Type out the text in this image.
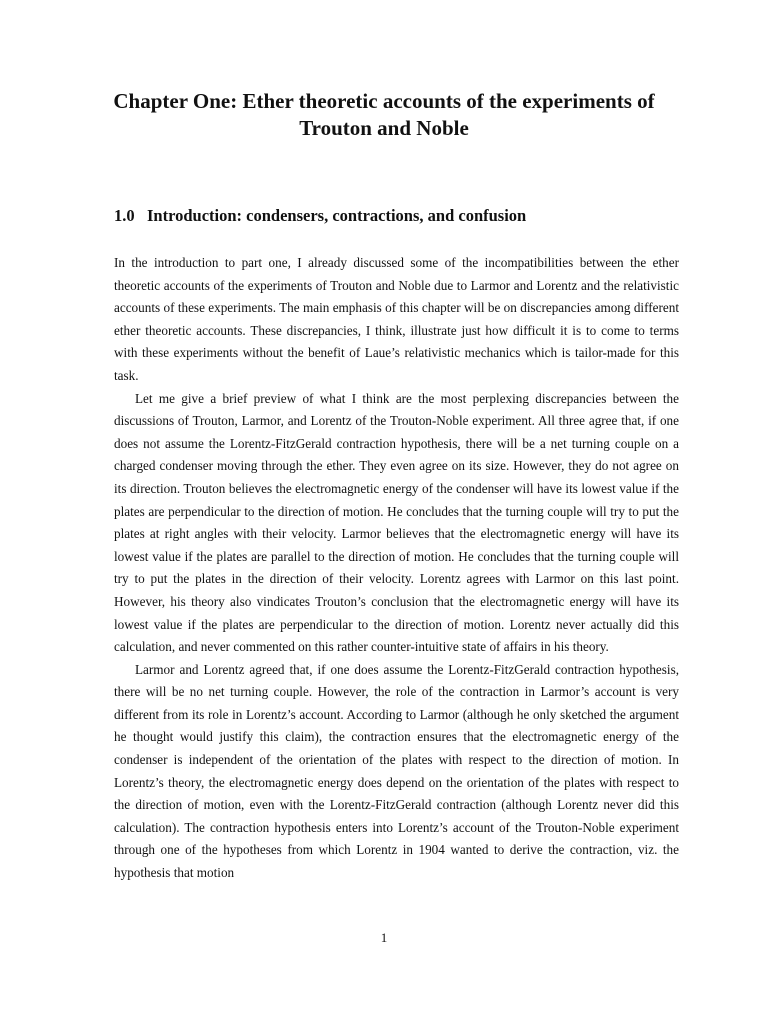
Chapter One: Ether theoretic accounts of the experiments of Trouton and Noble
1.0 Introduction: condensers, contractions, and confusion

In the introduction to part one, I already discussed some of the incompatibilities between the ether theoretic accounts of the experiments of Trouton and Noble due to Larmor and Lorentz and the relativistic accounts of these experiments. The main emphasis of this chapter will be on discrepancies among different ether theoretic accounts. These discrepancies, I think, illustrate just how difficult it is to come to terms with these experiments without the benefit of Laue’s relativistic mechanics which is tailor-made for this task.

Let me give a brief preview of what I think are the most perplexing discrepancies between the discussions of Trouton, Larmor, and Lorentz of the Trouton-Noble experiment. All three agree that, if one does not assume the Lorentz-FitzGerald contraction hypothesis, there will be a net turning couple on a charged condenser moving through the ether. They even agree on its size. However, they do not agree on its direction. Trouton believes the electromagnetic energy of the condenser will have its lowest value if the plates are perpendicular to the direction of motion. He concludes that the turning couple will try to put the plates at right angles with their velocity. Larmor believes that the electromagnetic energy will have its lowest value if the plates are parallel to the direction of motion. He concludes that the turning couple will try to put the plates in the direction of their velocity. Lorentz agrees with Larmor on this last point. However, his theory also vindicates Trouton’s conclusion that the electromagnetic energy will have its lowest value if the plates are perpendicular to the direction of motion. Lorentz never actually did this calculation, and never commented on this rather counter-intuitive state of affairs in his theory.

Larmor and Lorentz agreed that, if one does assume the Lorentz-FitzGerald contraction hypothesis, there will be no net turning couple. However, the role of the contraction in Larmor’s account is very different from its role in Lorentz’s account. According to Larmor (although he only sketched the argument he thought would justify this claim), the contraction ensures that the electromagnetic energy of the condenser is independent of the orientation of the plates with respect to the direction of motion. In Lorentz’s theory, the electromagnetic energy does depend on the orientation of the plates with respect to the direction of motion, even with the Lorentz-FitzGerald contraction (although Lorentz never did this calculation). The contraction hypothesis enters into Lorentz’s account of the Trouton-Noble experiment through one of the hypotheses from which Lorentz in 1904 wanted to derive the contraction, viz. the hypothesis that motion

1
